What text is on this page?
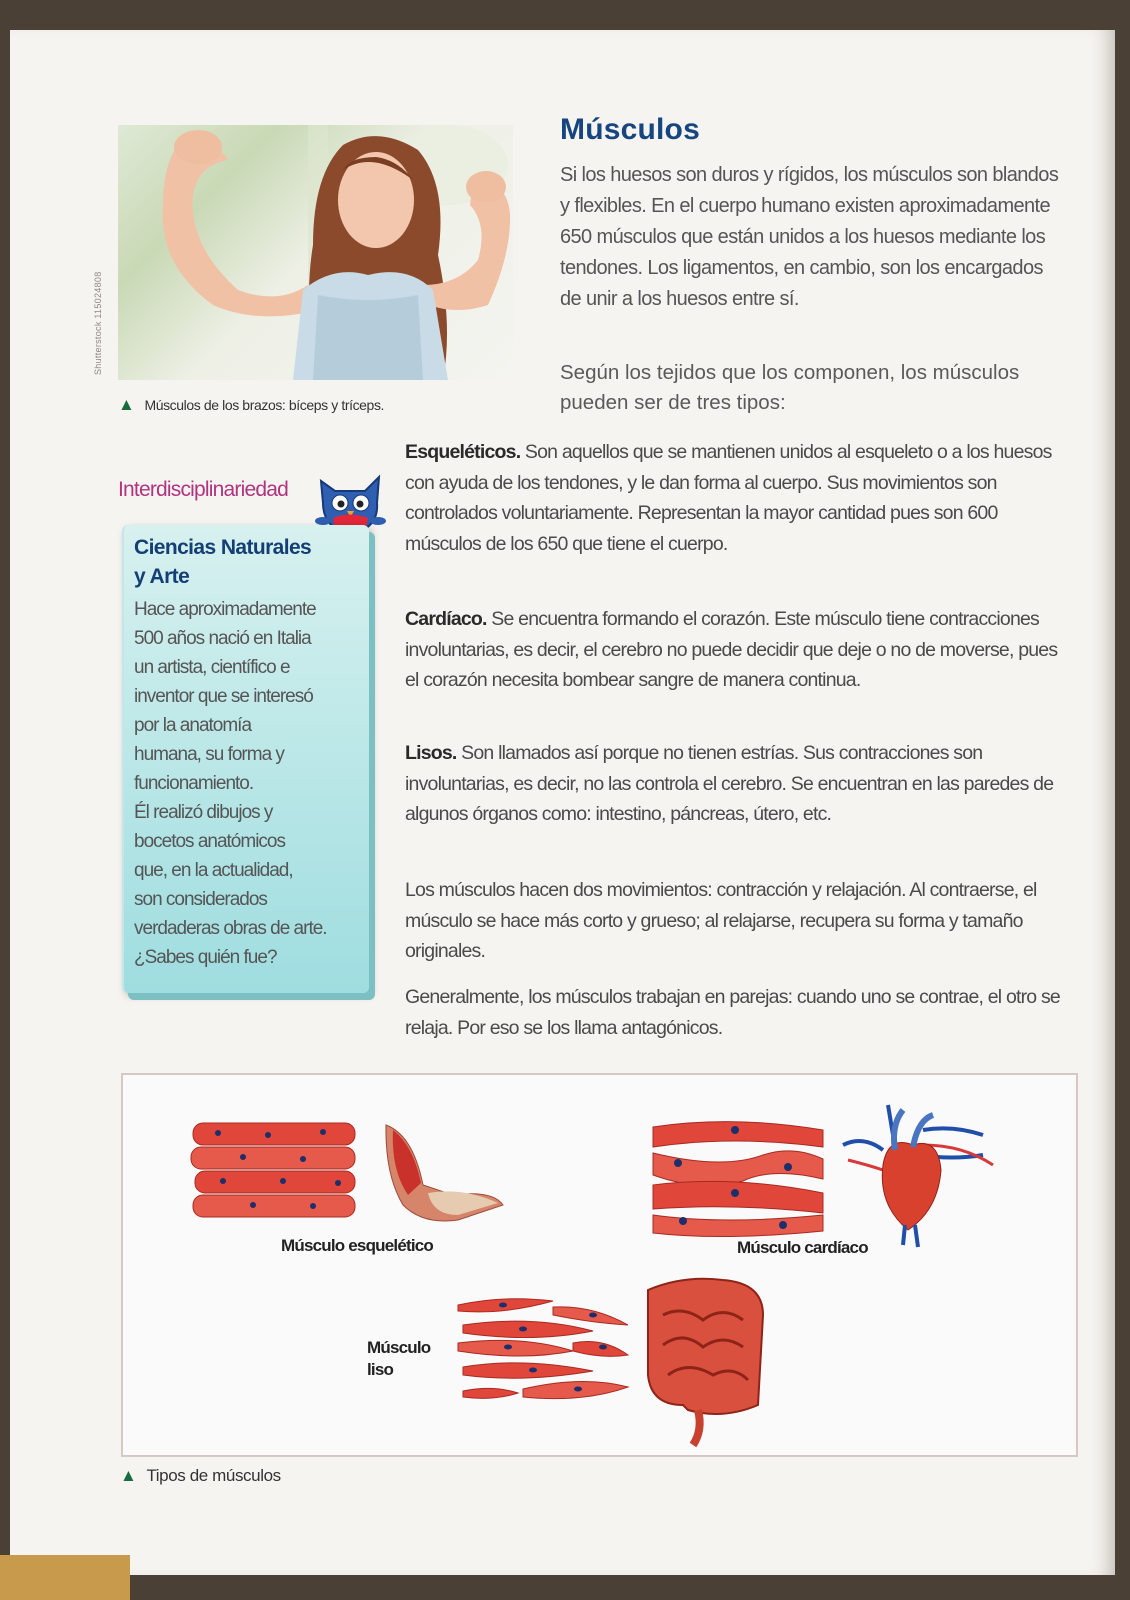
Shutterstock 115024808
▲ Músculos de los brazos: bíceps y tríceps.
Músculos
Si los huesos son duros y rígidos, los músculos son blandos y flexibles. En el cuerpo humano existen aproximadamente 650 músculos que están unidos a los huesos mediante los tendones. Los ligamentos, en cambio, son los encargados de unir a los huesos entre sí.
Según los tejidos que los componen, los músculos pueden ser de tres tipos:
Esqueléticos. Son aquellos que se mantienen unidos al esqueleto o a los huesos con ayuda de los tendones, y le dan forma al cuerpo. Sus movimientos son controlados voluntariamente. Representan la mayor cantidad pues son 600 músculos de los 650 que tiene el cuerpo.
Cardíaco. Se encuentra formando el corazón. Este músculo tiene contracciones involuntarias, es decir, el cerebro no puede decidir que deje o no de moverse, pues el corazón necesita bombear sangre de manera continua.
Lisos. Son llamados así porque no tienen estrías. Sus contracciones son involuntarias, es decir, no las controla el cerebro. Se encuentran en las paredes de algunos órganos como: intestino, páncreas, útero, etc.
Los músculos hacen dos movimientos: contracción y relajación. Al contraerse, el músculo se hace más corto y grueso; al relajarse, recupera su forma y tamaño originales.
Generalmente, los músculos trabajan en parejas: cuando uno se contrae, el otro se relaja. Por eso se los llama antagónicos.
Interdisciplinariedad
Ciencias Naturales
y Arte
Hace aproximadamente
500 años nació en Italia
un artista, científico e
inventor que se interesó
por la anatomía
humana, su forma y
funcionamiento.
Él realizó dibujos y
bocetos anatómicos
que, en la actualidad,
son considerados
verdaderas obras de arte.
¿Sabes quién fue?
Músculo esquelético	Músculo cardíaco
Músculo
liso
▲ Tipos de músculos
